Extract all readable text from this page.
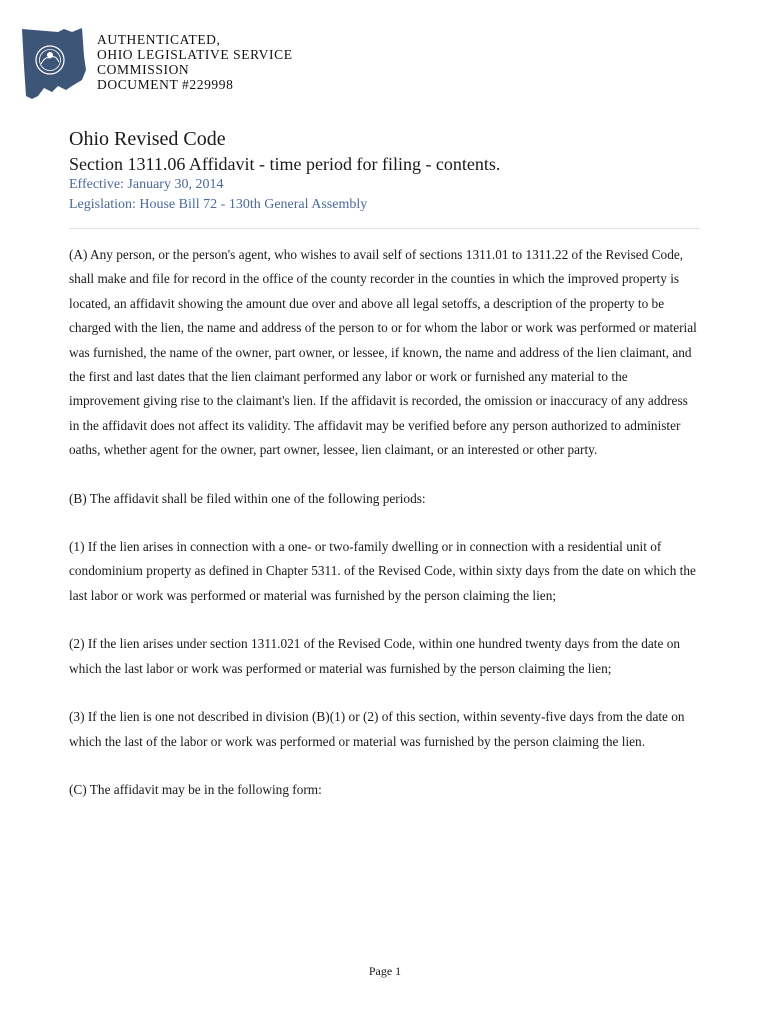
L
S
C
AUTHENTICATED,
OHIO LEGISLATIVE SERVICE
COMMISSION
DOCUMENT #229998
Ohio Revised Code
Section 1311.06 Affidavit - time period for filing - contents.
Effective: January 30, 2014
Legislation: House Bill 72 - 130th General Assembly

(A) Any person, or the person's agent, who wishes to avail self of sections 1311.01 to 1311.22 of the Revised Code, shall make and file for record in the office of the county recorder in the counties in which the improved property is located, an affidavit showing the amount due over and above all legal setoffs, a description of the property to be charged with the lien, the name and address of the person to or for whom the labor or work was performed or material was furnished, the name of the owner, part owner, or lessee, if known, the name and address of the lien claimant, and the first and last dates that the lien claimant performed any labor or work or furnished any material to the improvement giving rise to the claimant's lien. If the affidavit is recorded, the omission or inaccuracy of any address in the affidavit does not affect its validity. The affidavit may be verified before any person authorized to administer oaths, whether agent for the owner, part owner, lessee, lien claimant, or an interested or other party.

(B) The affidavit shall be filed within one of the following periods:

(1) If the lien arises in connection with a one- or two-family dwelling or in connection with a residential unit of condominium property as defined in Chapter 5311. of the Revised Code, within sixty days from the date on which the last labor or work was performed or material was furnished by the person claiming the lien;

(2) If the lien arises under section 1311.021 of the Revised Code, within one hundred twenty days from the date on which the last labor or work was performed or material was furnished by the person claiming the lien;

(3) If the lien is one not described in division (B)(1) or (2) of this section, within seventy-five days from the date on which the last of the labor or work was performed or material was furnished by the person claiming the lien.

(C) The affidavit may be in the following form:

Page 1
